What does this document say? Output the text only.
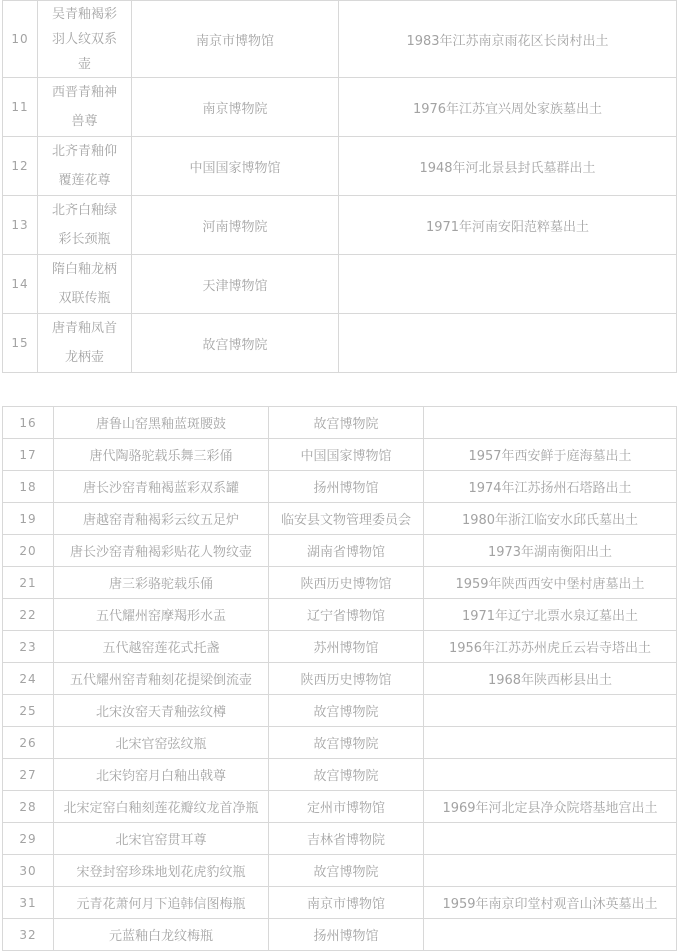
10	吴青釉褐彩羽人纹双系壶	南京市博物馆	1983年江苏南京雨花区长岗村出土
11	西晋青釉神兽尊	南京博物院	1976年江苏宜兴周处家族墓出土
12	北齐青釉仰覆莲花尊	中国国家博物馆	1948年河北景县封氏墓群出土
13	北齐白釉绿彩长颈瓶	河南博物院	1971年河南安阳范粹墓出土
14	隋白釉龙柄双联传瓶	天津博物馆	
15	唐青釉凤首龙柄壶	故宫博物院	
16	唐鲁山窑黑釉蓝斑腰鼓	故宫博物院	
17	唐代陶骆驼载乐舞三彩俑	中国国家博物馆	1957年西安鲜于庭海墓出土
18	唐长沙窑青釉褐蓝彩双系罐	扬州博物馆	1974年江苏扬州石塔路出土
19	唐越窑青釉褐彩云纹五足炉	临安县文物管理委员会	1980年浙江临安水邱氏墓出土
20	唐长沙窑青釉褐彩贴花人物纹壶	湖南省博物馆	1973年湖南衡阳出土
21	唐三彩骆驼载乐俑	陕西历史博物馆	1959年陕西西安中堡村唐墓出土
22	五代耀州窑摩羯形水盂	辽宁省博物馆	1971年辽宁北票水泉辽墓出土
23	五代越窑莲花式托盏	苏州博物馆	1956年江苏苏州虎丘云岩寺塔出土
24	五代耀州窑青釉刻花提梁倒流壶	陕西历史博物馆	1968年陕西彬县出土
25	北宋汝窑天青釉弦纹樽	故宫博物院	
26	北宋官窑弦纹瓶	故宫博物院	
27	北宋钧窑月白釉出戟尊	故宫博物院	
28	北宋定窑白釉刻莲花瓣纹龙首净瓶	定州市博物馆	1969年河北定县净众院塔基地宫出土
29	北宋官窑贯耳尊	吉林省博物院	
30	宋登封窑珍珠地划花虎豹纹瓶	故宫博物院	
31	元青花萧何月下追韩信图梅瓶	南京市博物馆	1959年南京印堂村观音山沐英墓出土
32	元蓝釉白龙纹梅瓶	扬州博物馆	
